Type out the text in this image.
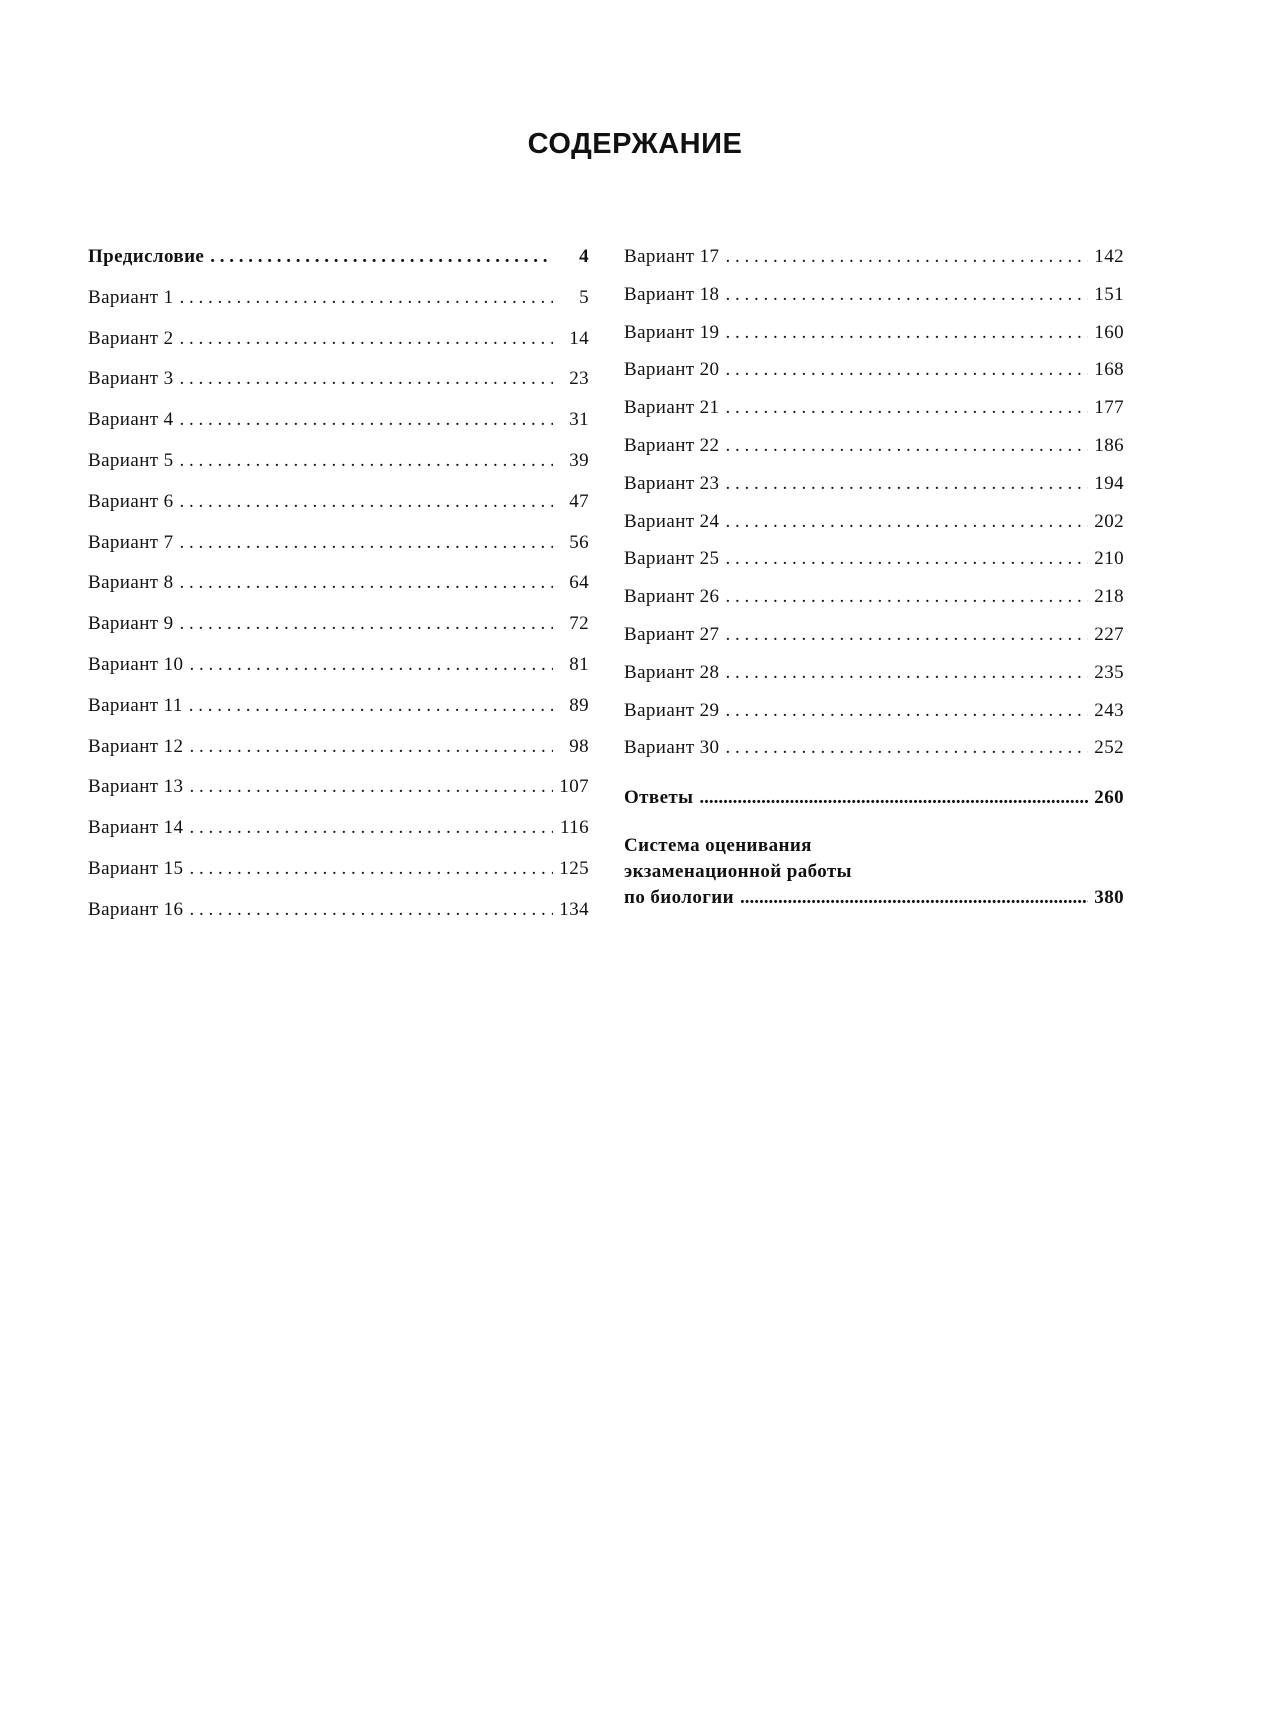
СОДЕРЖАНИЕ
Предисловие . . .	4
Вариант 1 . . .	5
Вариант 2 . . .	14
Вариант 3 . . .	23
Вариант 4 . . .	31
Вариант 5 . . .	39
Вариант 6 . . .	47
Вариант 7 . . .	56
Вариант 8 . . .	64
Вариант 9 . . .	72
Вариант 10 . . .	81
Вариант 11 . . .	89
Вариант 12 . . .	98
Вариант 13 . . .	107
Вариант 14 . . .	116
Вариант 15 . . .	125
Вариант 16 . . .	134
Вариант 17 . . .	142
Вариант 18 . . .	151
Вариант 19 . . .	160
Вариант 20 . . .	168
Вариант 21 . . .	177
Вариант 22 . . .	186
Вариант 23 . . .	194
Вариант 24 . . .	202
Вариант 25 . . .	210
Вариант 26 . . .	218
Вариант 27 . . .	227
Вариант 28 . . .	235
Вариант 29 . . .	243
Вариант 30 . . .	252
Ответы .....	260
Система оценивания
экзаменационной работы
по биологии .....	380
